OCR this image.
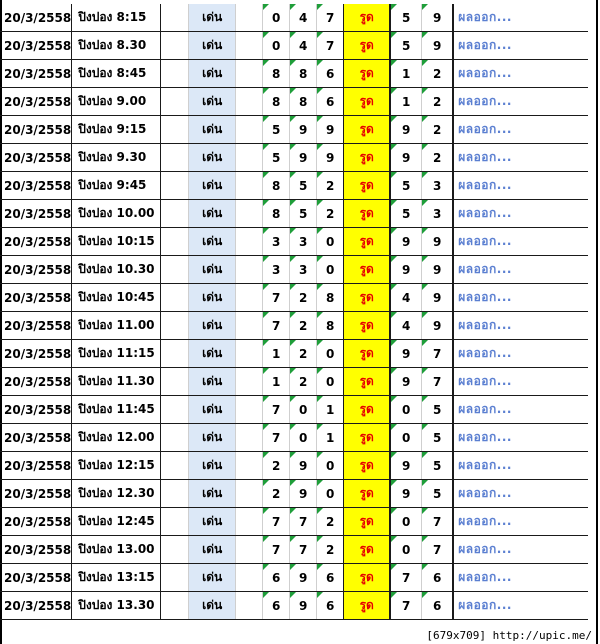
20/3/2558	ปิงปอง 8:15		เด่น		0	4	7	รูด	5	9	ผลออก...
20/3/2558	ปิงปอง 8.30		เด่น		0	4	7	รูด	5	9	ผลออก...
20/3/2558	ปิงปอง 8:45		เด่น		8	8	6	รูด	1	2	ผลออก...
20/3/2558	ปิงปอง 9.00		เด่น		8	8	6	รูด	1	2	ผลออก...
20/3/2558	ปิงปอง 9:15		เด่น		5	9	9	รูด	9	2	ผลออก...
20/3/2558	ปิงปอง 9.30		เด่น		5	9	9	รูด	9	2	ผลออก...
20/3/2558	ปิงปอง 9:45		เด่น		8	5	2	รูด	5	3	ผลออก...
20/3/2558	ปิงปอง 10.00		เด่น		8	5	2	รูด	5	3	ผลออก...
20/3/2558	ปิงปอง 10:15		เด่น		3	3	0	รูด	9	9	ผลออก...
20/3/2558	ปิงปอง 10.30		เด่น		3	3	0	รูด	9	9	ผลออก...
20/3/2558	ปิงปอง 10:45		เด่น		7	2	8	รูด	4	9	ผลออก...
20/3/2558	ปิงปอง 11.00		เด่น		7	2	8	รูด	4	9	ผลออก...
20/3/2558	ปิงปอง 11:15		เด่น		1	2	0	รูด	9	7	ผลออก...
20/3/2558	ปิงปอง 11.30		เด่น		1	2	0	รูด	9	7	ผลออก...
20/3/2558	ปิงปอง 11:45		เด่น		7	0	1	รูด	0	5	ผลออก...
20/3/2558	ปิงปอง 12.00		เด่น		7	0	1	รูด	0	5	ผลออก...
20/3/2558	ปิงปอง 12:15		เด่น		2	9	0	รูด	9	5	ผลออก...
20/3/2558	ปิงปอง 12.30		เด่น		2	9	0	รูด	9	5	ผลออก...
20/3/2558	ปิงปอง 12:45		เด่น		7	7	2	รูด	0	7	ผลออก...
20/3/2558	ปิงปอง 13.00		เด่น		7	7	2	รูด	0	7	ผลออก...
20/3/2558	ปิงปอง 13:15		เด่น		6	9	6	รูด	7	6	ผลออก...
20/3/2558	ปิงปอง 13.30		เด่น		6	9	6	รูด	7	6	ผลออก...
[679x709] http://upic.me/
